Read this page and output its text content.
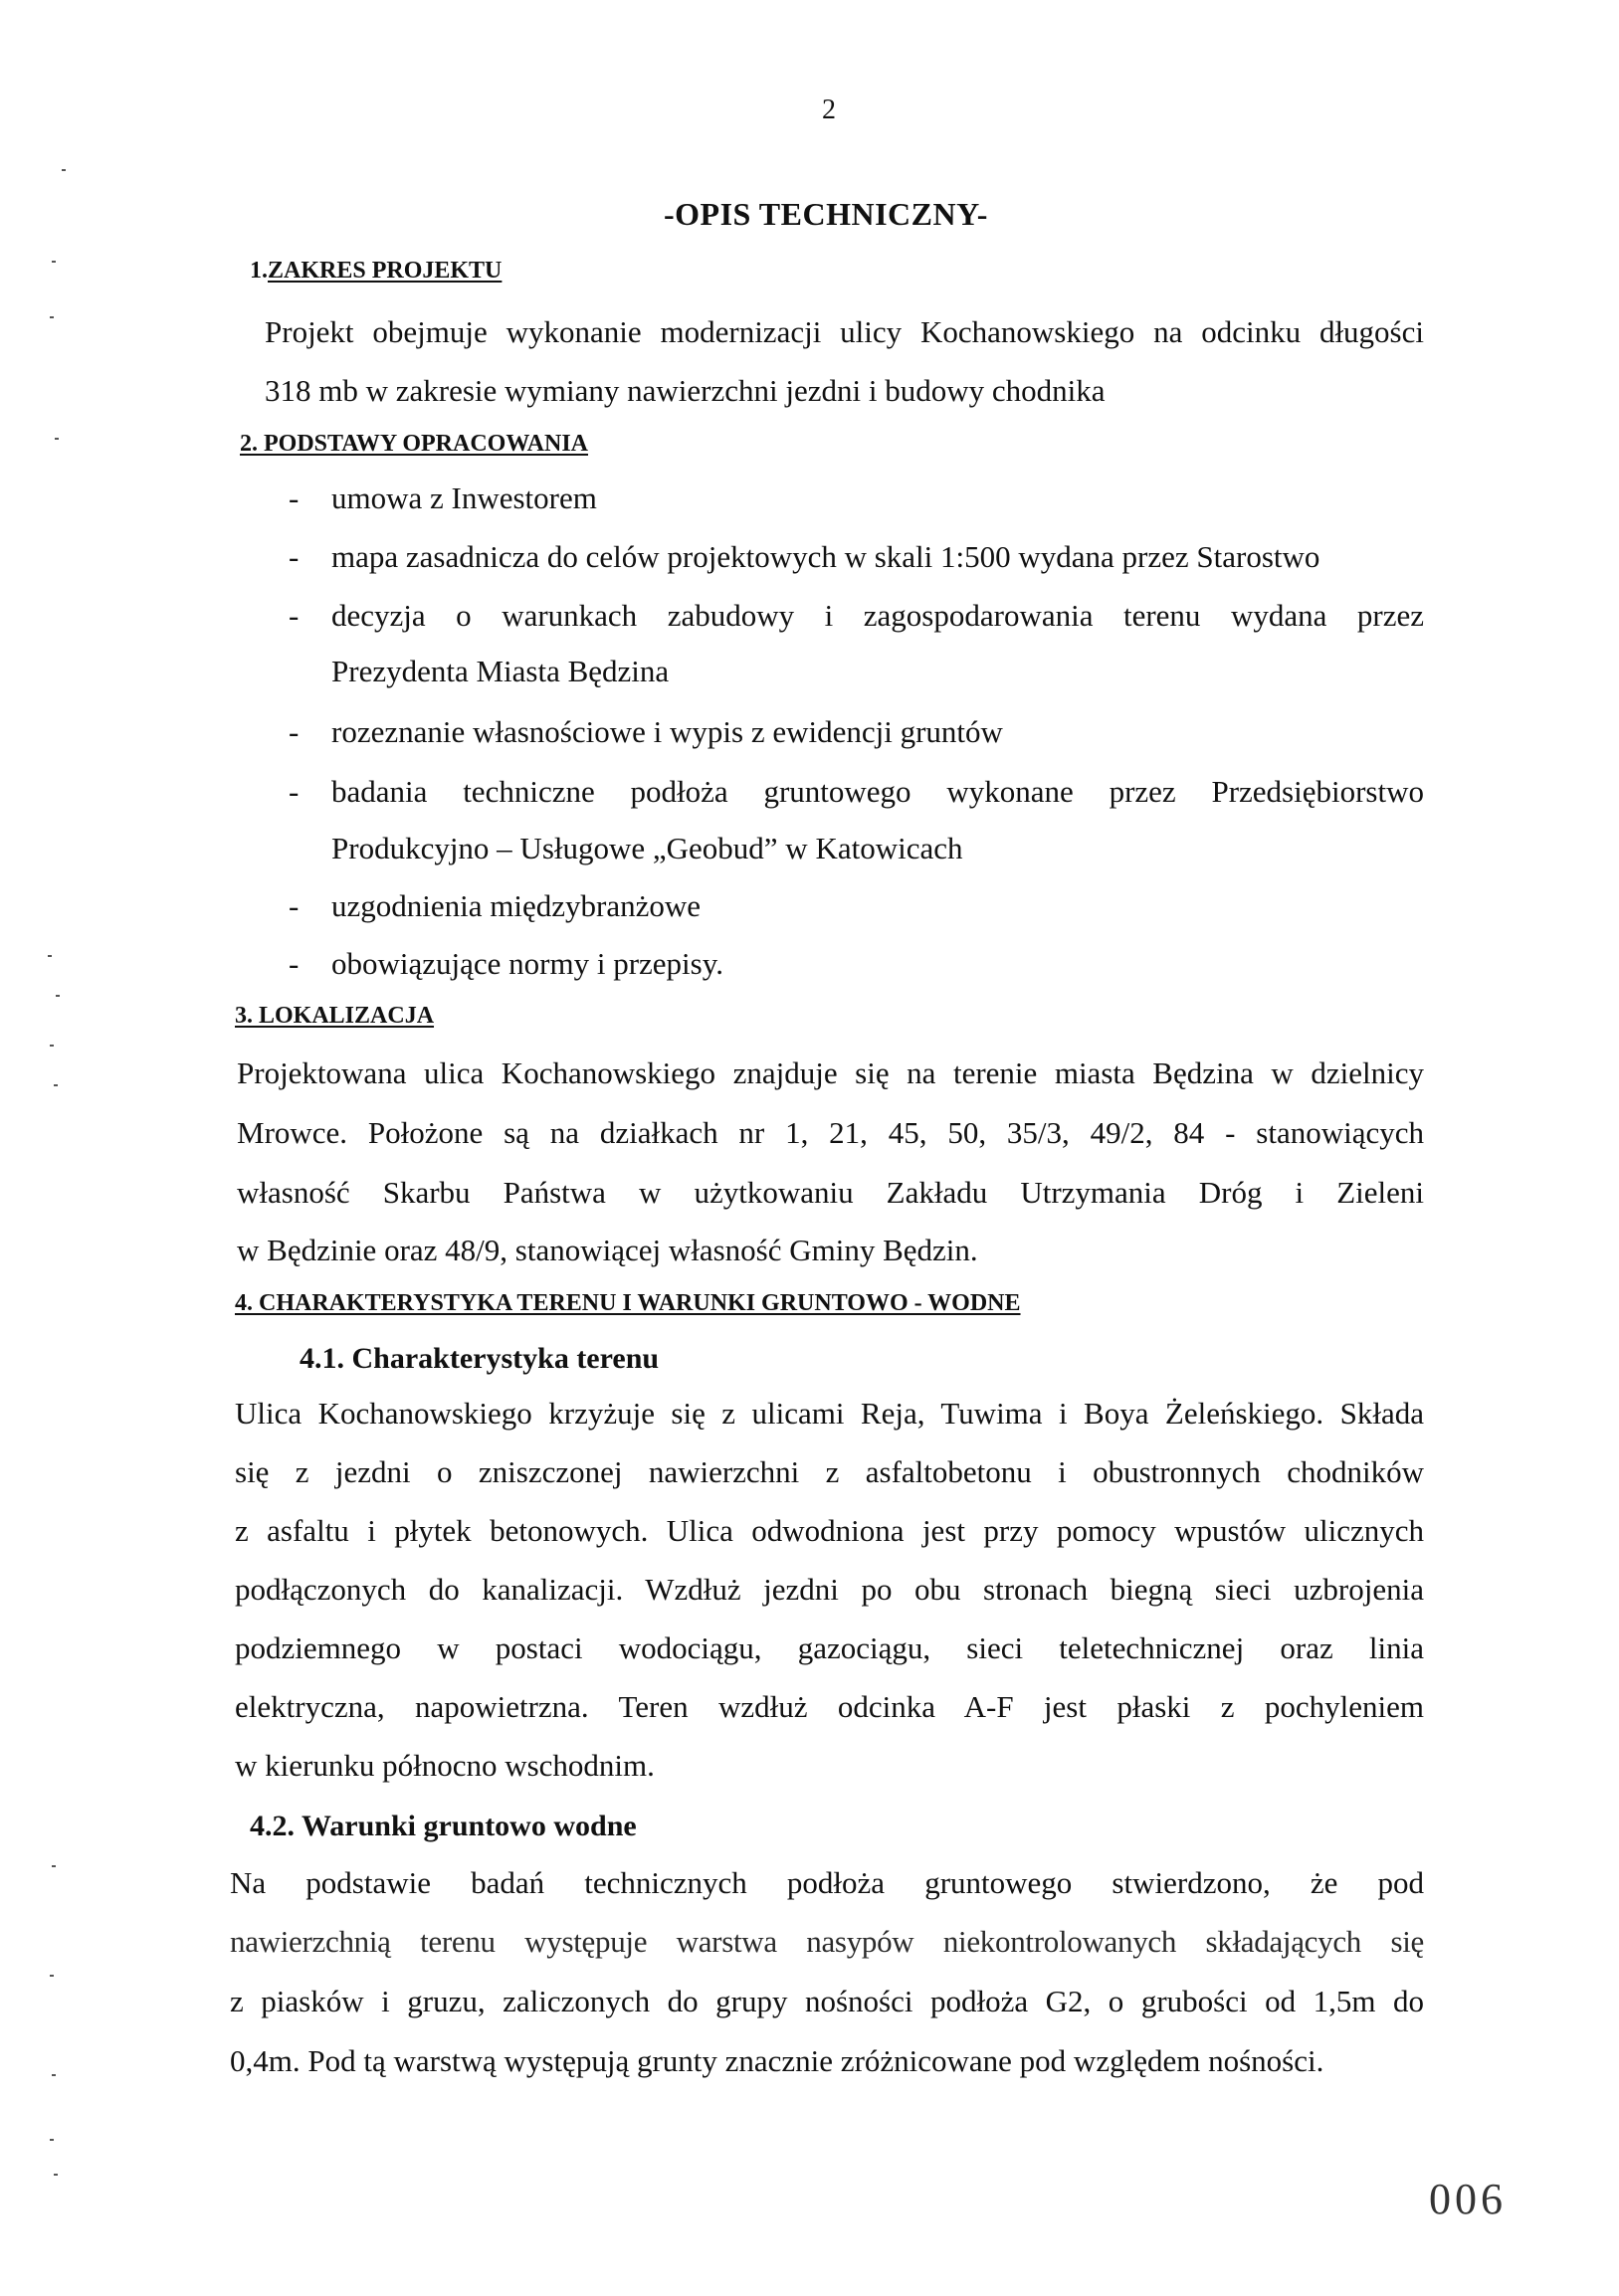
2
-OPIS TECHNICZNY-
1.ZAKRES PROJEKTU
Projekt obejmuje wykonanie modernizacji ulicy Kochanowskiego na odcinku długości
318 mb w zakresie wymiany nawierzchni jezdni i budowy chodnika
2. PODSTAWY OPRACOWANIA
- umowa z Inwestorem
- mapa zasadnicza do celów projektowych w skali 1:500 wydana przez Starostwo
- decyzja o warunkach zabudowy i zagospodarowania terenu wydana przez
Prezydenta Miasta Będzina
- rozeznanie własnościowe i wypis z ewidencji gruntów
- badania techniczne podłoża gruntowego wykonane przez Przedsiębiorstwo
Produkcyjno – Usługowe „Geobud” w Katowicach
- uzgodnienia międzybranżowe
- obowiązujące normy i przepisy.
3. LOKALIZACJA
Projektowana ulica Kochanowskiego znajduje się na terenie miasta Będzina w dzielnicy
Mrowce. Położone są na działkach nr 1, 21, 45, 50, 35/3, 49/2, 84 - stanowiących
własność Skarbu Państwa w użytkowaniu Zakładu Utrzymania Dróg i Zieleni
w Będzinie oraz 48/9, stanowiącej własność Gminy Będzin.
4. CHARAKTERYSTYKA TERENU I WARUNKI GRUNTOWO - WODNE
4.1. Charakterystyka terenu
Ulica Kochanowskiego krzyżuje się z ulicami Reja, Tuwima i Boya Żeleńskiego. Składa
się z jezdni o zniszczonej nawierzchni z asfaltobetonu i obustronnych chodników
z asfaltu i płytek betonowych. Ulica odwodniona jest przy pomocy wpustów ulicznych
podłączonych do kanalizacji. Wzdłuż jezdni po obu stronach biegną sieci uzbrojenia
podziemnego w postaci wodociągu, gazociągu, sieci teletechnicznej oraz linia
elektryczna, napowietrzna. Teren wzdłuż odcinka A-F jest płaski z pochyleniem
w kierunku północno wschodnim.
4.2. Warunki gruntowo wodne
Na podstawie badań technicznych podłoża gruntowego stwierdzono, że pod
nawierzchnią terenu występuje warstwa nasypów niekontrolowanych składających się
z piasków i gruzu, zaliczonych do grupy nośności podłoża G2, o grubości od 1,5m do
0,4m. Pod tą warstwą występują grunty znacznie zróżnicowane pod względem nośności.
006
